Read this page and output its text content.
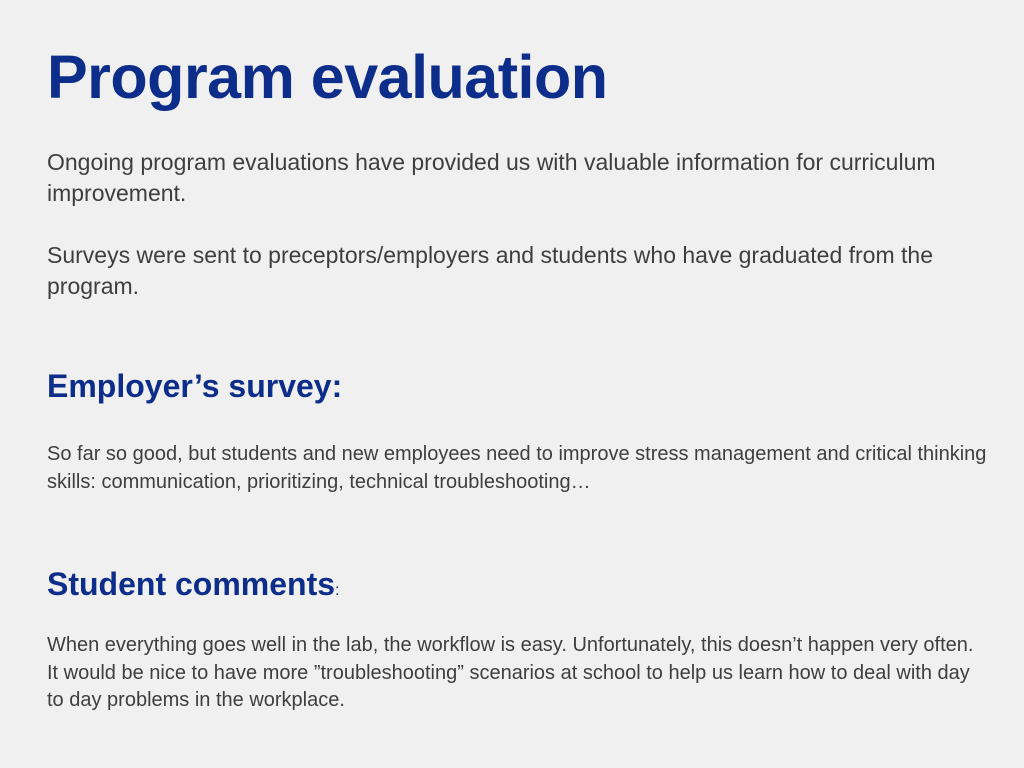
Program evaluation

Ongoing program evaluations have provided us with valuable information for curriculum improvement.

Surveys were sent to preceptors/employers and students who have graduated from the program.

Employer’s survey:

So far so good, but students and new employees need to improve stress management and critical thinking skills: communication, prioritizing, technical troubleshooting…

Student comments:

When everything goes well in the lab, the workflow is easy. Unfortunately, this doesn’t happen very often. It would be nice to have more ”troubleshooting” scenarios at school to help us learn how to deal with day to day problems in the workplace.
